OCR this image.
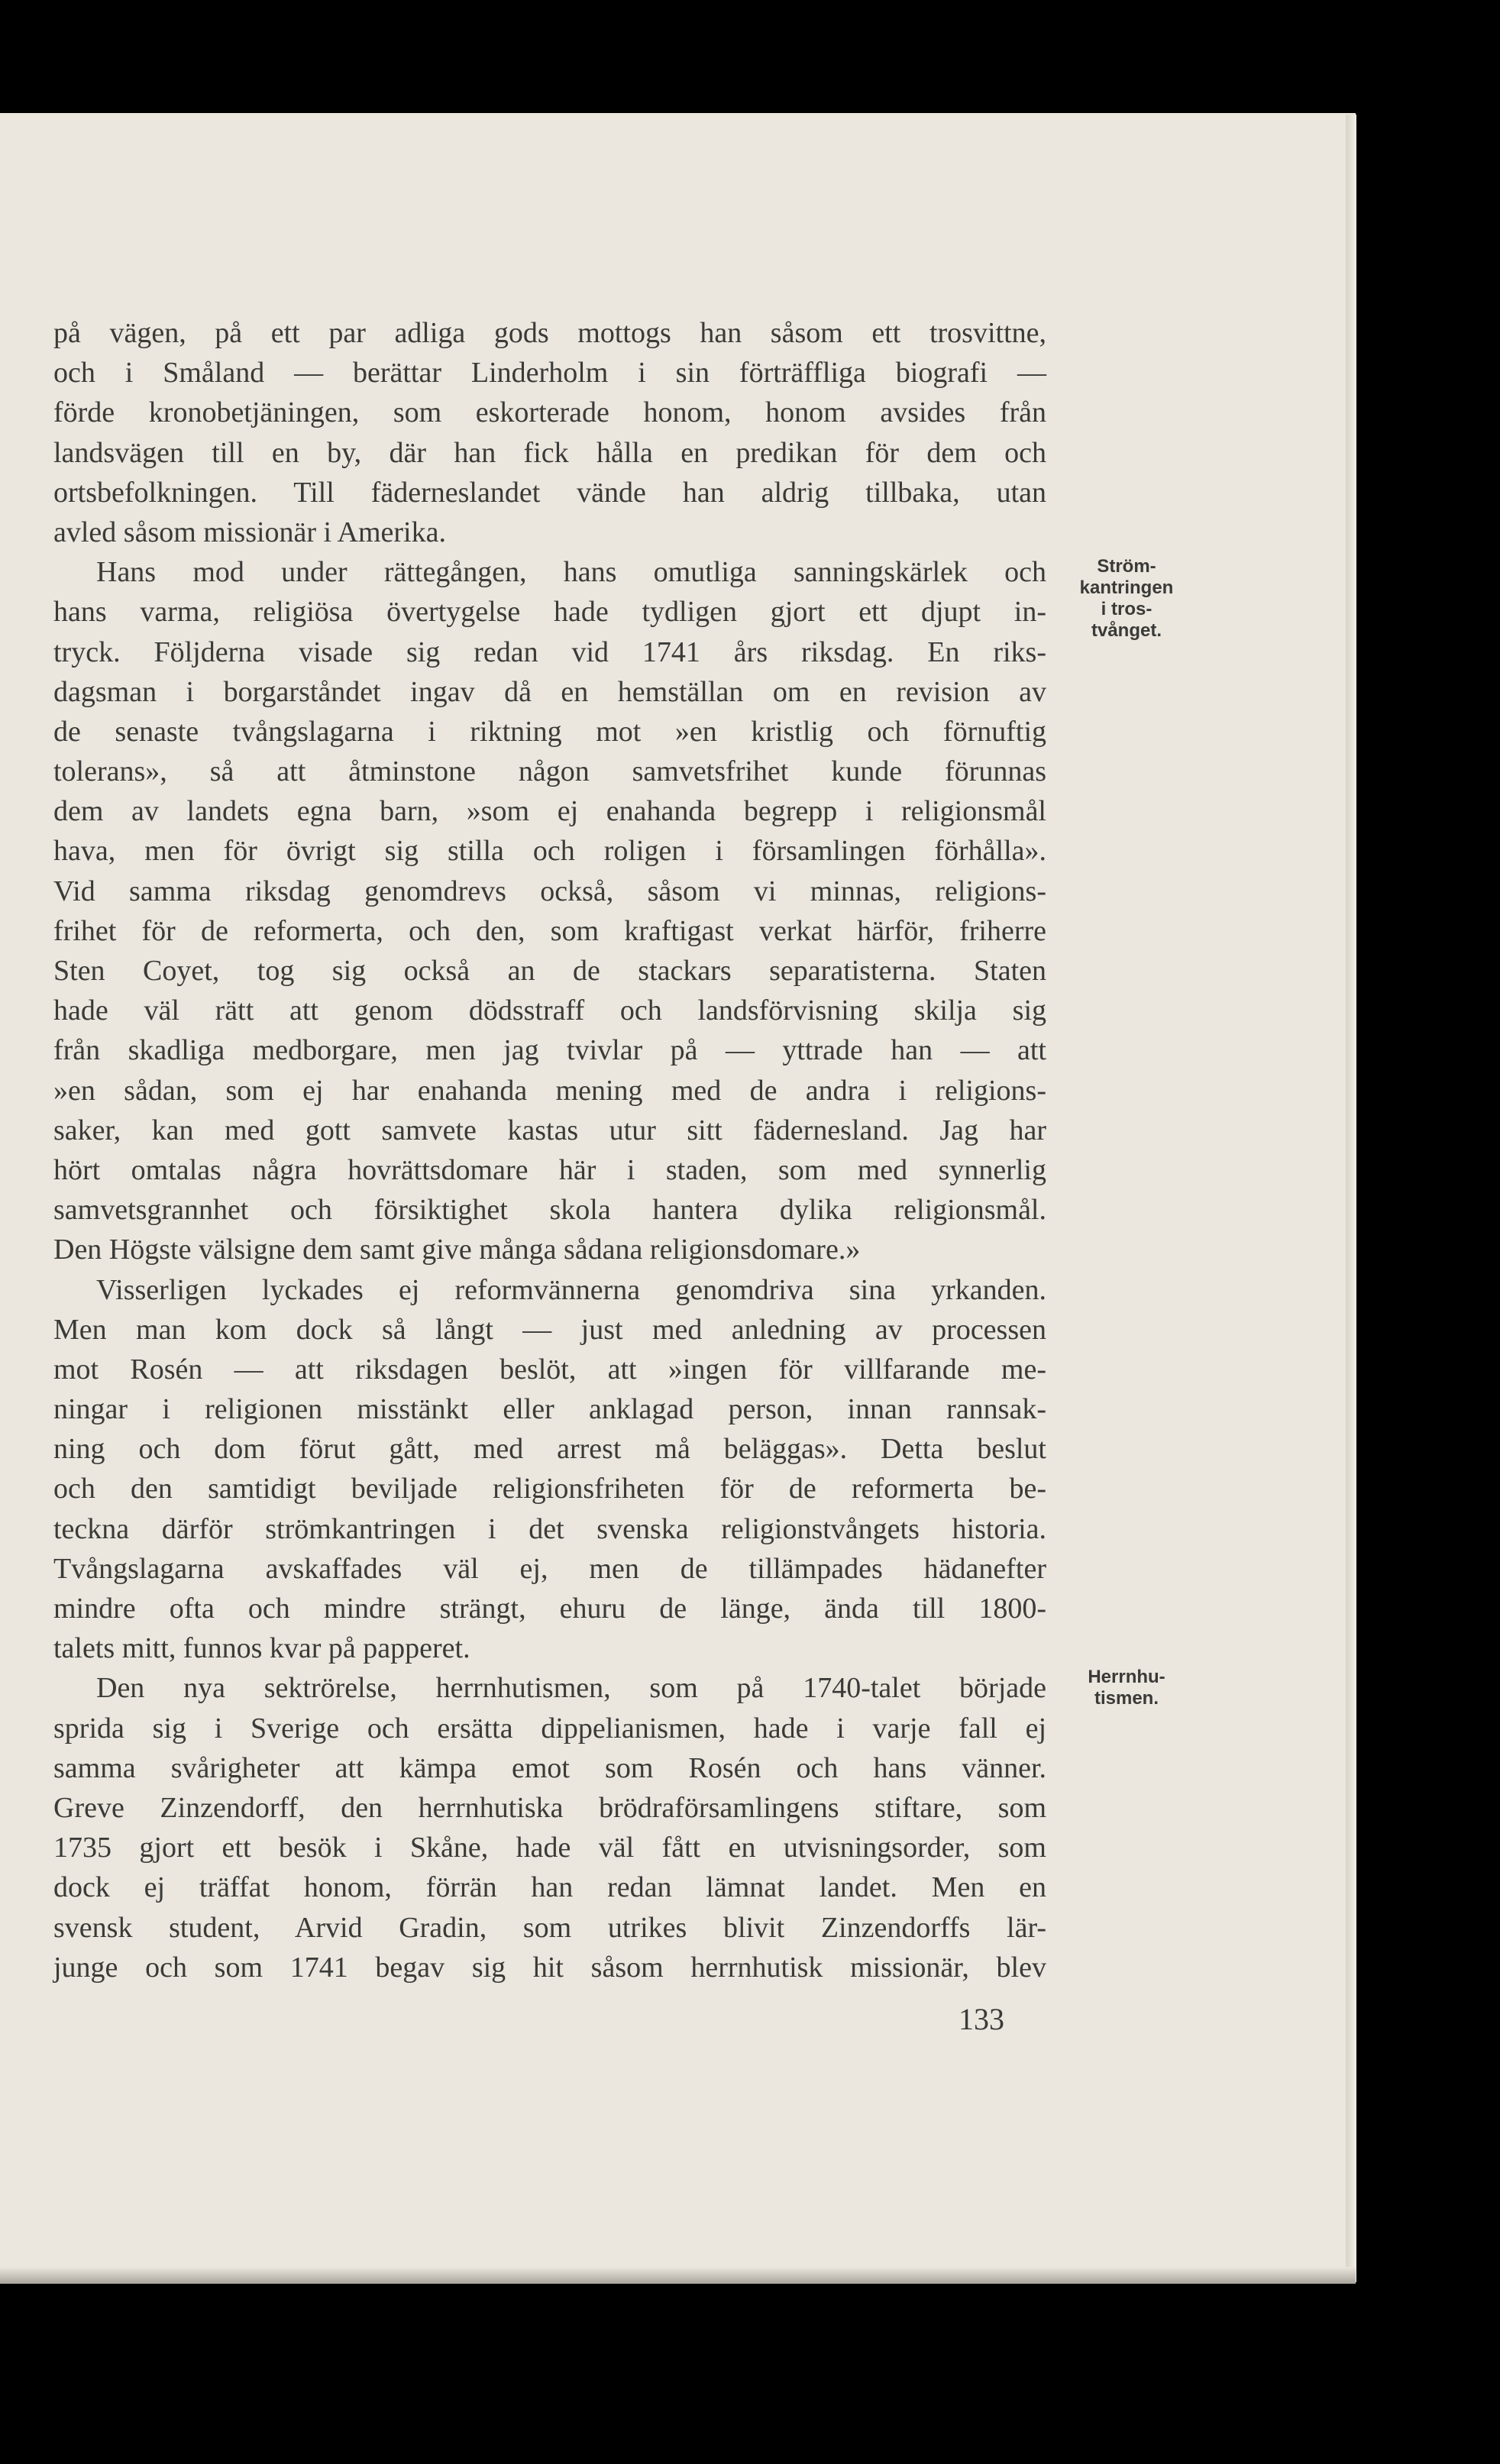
på vägen, på ett par adliga gods mottogs han såsom ett trosvittne,
och i Småland — berättar Linderholm i sin förträffliga biografi —
förde kronobetjäningen, som eskorterade honom, honom avsides från
landsvägen till en by, där han fick hålla en predikan för dem och
ortsbefolkningen. Till fäderneslandet vände han aldrig tillbaka, utan
avled såsom missionär i Amerika.
Hans mod under rättegången, hans omutliga sanningskärlek och
hans varma, religiösa övertygelse hade tydligen gjort ett djupt in-
tryck. Följderna visade sig redan vid 1741 års riksdag. En riks-
dagsman i borgarståndet ingav då en hemställan om en revision av
de senaste tvångslagarna i riktning mot »en kristlig och förnuftig
tolerans», så att åtminstone någon samvetsfrihet kunde förunnas
dem av landets egna barn, »som ej enahanda begrepp i religionsmål
hava, men för övrigt sig stilla och roligen i församlingen förhålla».
Vid samma riksdag genomdrevs också, såsom vi minnas, religions-
frihet för de reformerta, och den, som kraftigast verkat härför, friherre
Sten Coyet, tog sig också an de stackars separatisterna. Staten
hade väl rätt att genom dödsstraff och landsförvisning skilja sig
från skadliga medborgare, men jag tvivlar på — yttrade han — att
»en sådan, som ej har enahanda mening med de andra i religions-
saker, kan med gott samvete kastas utur sitt fädernesland. Jag har
hört omtalas några hovrättsdomare här i staden, som med synnerlig
samvetsgrannhet och försiktighet skola hantera dylika religionsmål.
Den Högste välsigne dem samt give många sådana religionsdomare.»
Visserligen lyckades ej reformvännerna genomdriva sina yrkanden.
Men man kom dock så långt — just med anledning av processen
mot Rosén — att riksdagen beslöt, att »ingen för villfarande me-
ningar i religionen misstänkt eller anklagad person, innan rannsak-
ning och dom förut gått, med arrest må beläggas». Detta beslut
och den samtidigt beviljade religionsfriheten för de reformerta be-
teckna därför strömkantringen i det svenska religionstvångets historia.
Tvångslagarna avskaffades väl ej, men de tillämpades hädanefter
mindre ofta och mindre strängt, ehuru de länge, ända till 1800-
talets mitt, funnos kvar på papperet.
Den nya sektrörelse, herrnhutismen, som på 1740-talet började
sprida sig i Sverige och ersätta dippelianismen, hade i varje fall ej
samma svårigheter att kämpa emot som Rosén och hans vänner.
Greve Zinzendorff, den herrnhutiska brödraförsamlingens stiftare, som
1735 gjort ett besök i Skåne, hade väl fått en utvisningsorder, som
dock ej träffat honom, förrän han redan lämnat landet. Men en
svensk student, Arvid Gradin, som utrikes blivit Zinzendorffs lär-
junge och som 1741 begav sig hit såsom herrnhutisk missionär, blev
Ström-
kantringen
i tros-
tvånget.
Herrnhu-
tismen.
133
